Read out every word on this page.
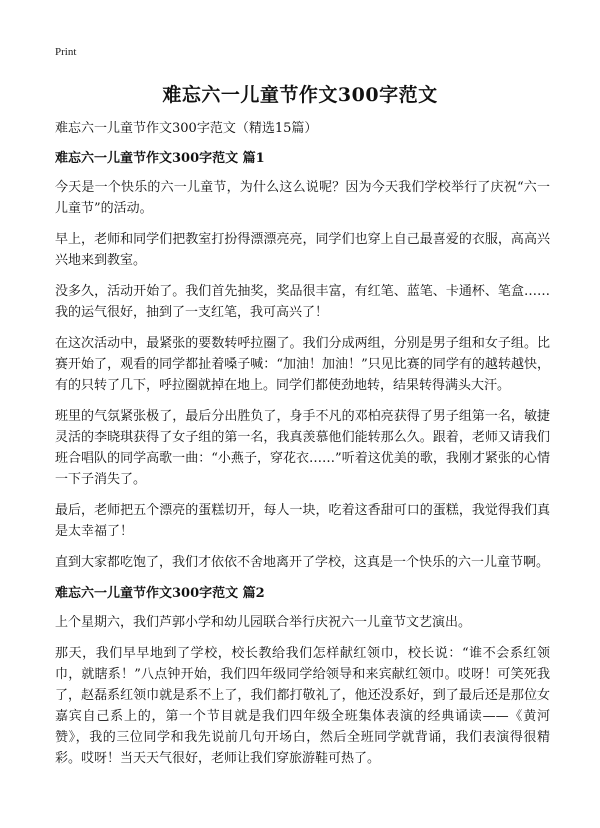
Print
难忘六一儿童节作文300字范文

难忘六一儿童节作文300字范文（精选15篇）

难忘六一儿童节作文300字范文 篇1

今天是一个快乐的六一儿童节，为什么这么说呢？因为今天我们学校举行了庆祝“六一儿童节”的活动。

早上，老师和同学们把教室打扮得漂漂亮亮，同学们也穿上自己最喜爱的衣服，高高兴兴地来到教室。

没多久，活动开始了。我们首先抽奖，奖品很丰富，有红笔、蓝笔、卡通杯、笔盒……我的运气很好，抽到了一支红笔，我可高兴了！

在这次活动中，最紧张的要数转呼拉圈了。我们分成两组，分别是男子组和女子组。比赛开始了，观看的同学都扯着嗓子喊：“加油！加油！”只见比赛的同学有的越转越快，有的只转了几下，呼拉圈就掉在地上。同学们都使劲地转，结果转得满头大汗。

班里的气氛紧张极了，最后分出胜负了，身手不凡的邓柏亮获得了男子组第一名，敏捷灵活的李晓琪获得了女子组的第一名，我真羡慕他们能转那么久。跟着，老师又请我们班合唱队的同学高歌一曲：“小燕子，穿花衣……”听着这优美的歌，我刚才紧张的心情一下子消失了。

最后，老师把五个漂亮的蛋糕切开，每人一块，吃着这香甜可口的蛋糕，我觉得我们真是太幸福了！

直到大家都吃饱了，我们才依依不舍地离开了学校，这真是一个快乐的六一儿童节啊。

难忘六一儿童节作文300字范文 篇2

上个星期六，我们芦郭小学和幼儿园联合举行庆祝六一儿童节文艺演出。

那天，我们早早地到了学校，校长教给我们怎样献红领巾，校长说：“谁不会系红领巾，就瞎系！”八点钟开始，我们四年级同学给领导和来宾献红领巾。哎呀！可笑死我了，赵磊系红领巾就是系不上了，我们都打敬礼了，他还没系好，到了最后还是那位女嘉宾自己系上的，第一个节目就是我们四年级全班集体表演的经典诵读——《黄河赞》，我的三位同学和我先说前几句开场白，然后全班同学就背诵，我们表演得很精彩。哎呀！当天天气很好，老师让我们穿旅游鞋可热了。
